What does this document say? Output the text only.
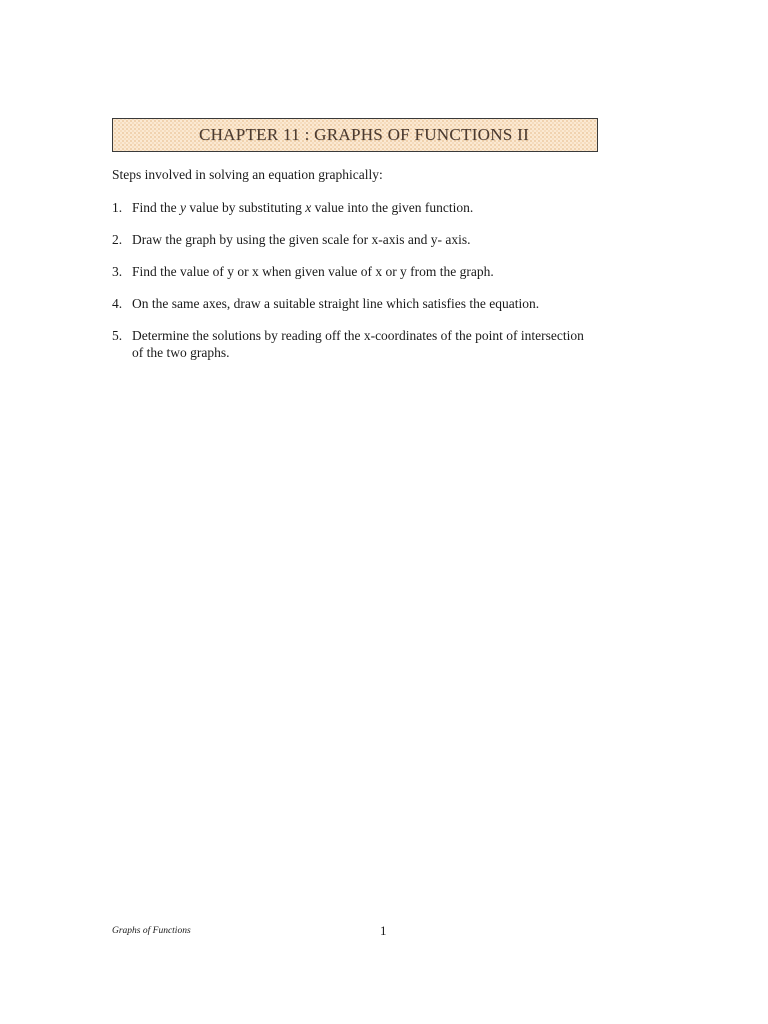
CHAPTER 11 : GRAPHS OF FUNCTIONS II
Steps involved in solving an equation graphically:
1. Find the y value by substituting x value into the given function.
2. Draw the graph by using the given scale for x-axis and y- axis.
3. Find the value of y or x when given value of x or y from the graph.
4. On the same axes, draw a suitable straight line which satisfies the equation.
5. Determine the solutions by reading off the x-coordinates of the point of intersection of the two graphs.
Graphs of Functions	1
